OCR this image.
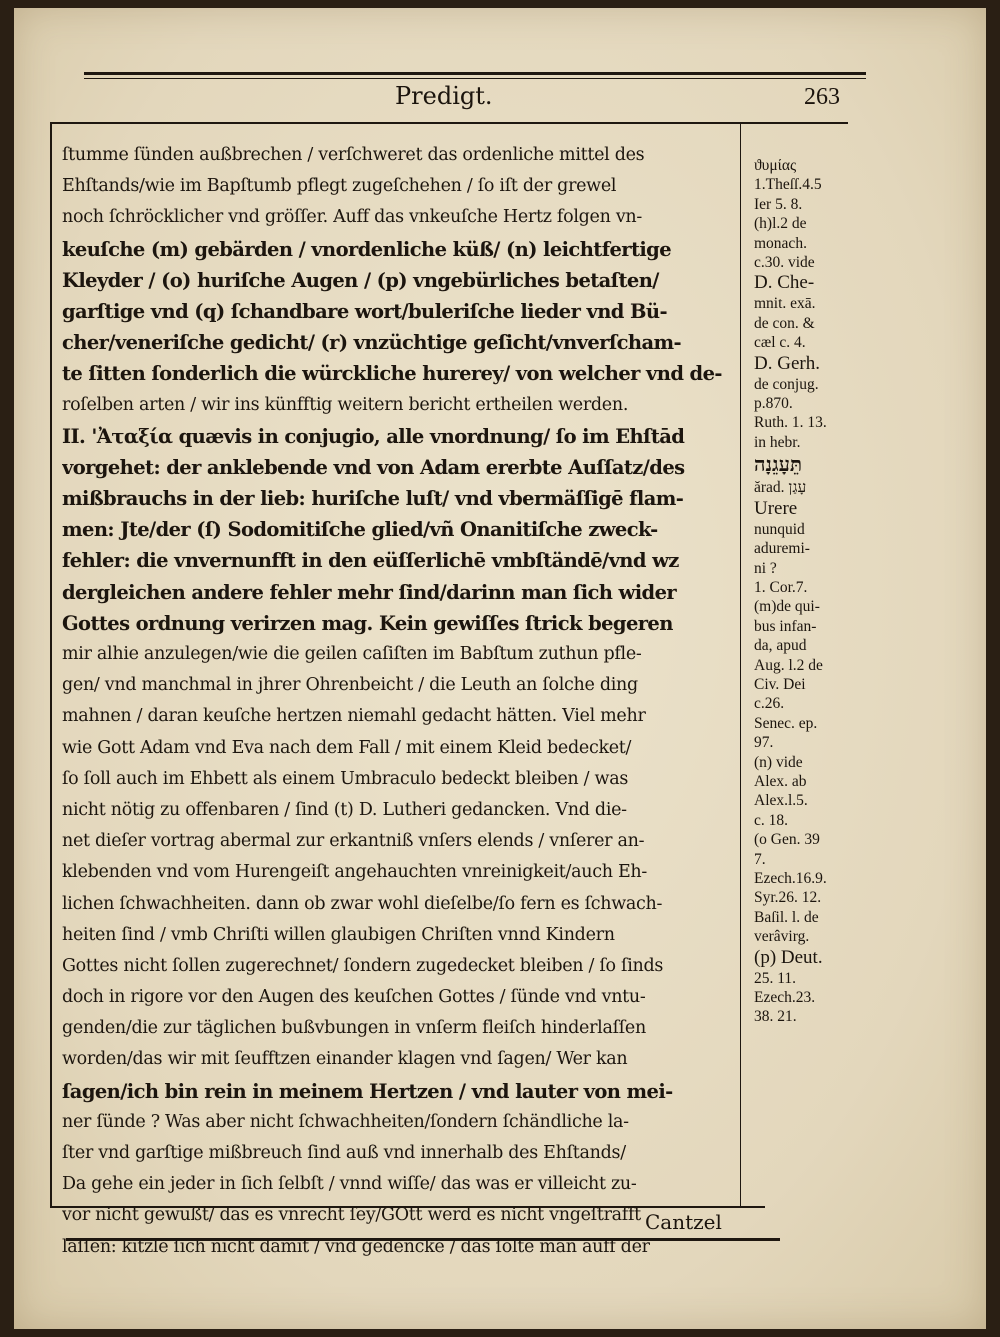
Predigt.	263
ſtumme ſünden außbrechen / verſchweret das ordenliche mittel des
Ehſtands/wie im Bapſtumb pflegt zugeſchehen / ſo iſt der grewel
noch ſchröcklicher vnd gröſſer. Auff das vnkeuſche Hertz folgen vn-
keuſche (m) gebärden / vnordenliche küß/ (n) leichtfertige
Kleyder / (o) huriſche Augen / (p) vngebürliches betaſten/
garſtige vnd (q) ſchandbare wort/buleriſche lieder vnd Bü-
cher/veneriſche gedicht/ (r) vnzüchtige geſicht/vnverſcham-
te ſitten ſonderlich die würckliche hurerey/ von welcher vnd de-
roſelben arten / wir ins künfftig weitern bericht ertheilen werden.
II. 'Ἀταξία quævis in conjugio, alle vnordnung/ ſo im Ehſtād
vorgehet: der anklebende vnd von Adam ererbte Auſſatz/des
mißbrauchs in der lieb: huriſche luſt/ vnd vbermäſſigē flam-
men: Jte/der (ſ) Sodomitiſche glied/vñ Onanitiſche zweck-
fehler: die vnvernunfft in den eüſſerlichē vmbſtändē/vnd wz
dergleichen andere fehler mehr ſind/darinn man ſich wider
Gottes ordnung verirzen mag. Kein gewiſſes ſtrick begeren
mir alhie anzulegen/wie die geilen caſiſten im Babſtum zuthun pfle-
gen/ vnd manchmal in jhrer Ohrenbeicht / die Leuth an ſolche ding
mahnen / daran keuſche hertzen niemahl gedacht hätten. Viel mehr
wie Gott Adam vnd Eva nach dem Fall / mit einem Kleid bedecket/
ſo ſoll auch im Ehbett als einem Umbraculo bedeckt bleiben / was
nicht nötig zu offenbaren / ſind (t) D. Lutheri gedancken. Vnd die-
net dieſer vortrag abermal zur erkantniß vnſers elends / vnſerer an-
klebenden vnd vom Hurengeiſt angehauchten vnreinigkeit/auch Eh-
lichen ſchwachheiten. dann ob zwar wohl dieſelbe/ſo fern es ſchwach-
heiten ſind / vmb Chriſti willen glaubigen Chriſten vnnd Kindern
Gottes nicht ſollen zugerechnet/ ſondern zugedecket bleiben / ſo ſinds
doch in rigore vor den Augen des keuſchen Gottes / ſünde vnd vntu-
genden/die zur täglichen bußvbungen in vnſerm fleiſch hinderlaſſen
worden/das wir mit ſeufftzen einander klagen vnd ſagen/ Wer kan
ſagen/ich bin rein in meinem Hertzen / vnd lauter von mei-
ner ſünde ? Was aber nicht ſchwachheiten/ſondern ſchändliche la-
ſter vnd garſtige mißbreuch ſind auß vnd innerhalb des Ehſtands/
Da gehe ein jeder in ſich ſelbſt / vnnd wiſſe/ das was er villeicht zu-
vor nicht gewußt/ das es vnrecht ſey/GOtt werd es nicht vngeſtrafft
laſſen: kitzle ſich nicht damit / vnd gedencke / das ſolte man auff der
ϑυμίας
1.Theſſ.4.5
Ier 5. 8.
(h)l.2 de
monach.
c.30. vide
D. Che-
mnit. exā.
de con. &
cæl c. 4.
D. Gerh.
de conjug.
p.870.
Ruth. 1. 13.
in hebr.
תֵּעָגֵנָה
ărad. עָגַן
Urere
nunquid
aduremi-
ni ?
1. Cor.7.
(m)de qui-
bus infan-
da, apud
Aug. l.2 de
Civ. Dei
c.26.
Senec. ep.
97.
(n) vide
Alex. ab
Alex.l.5.
c. 18.
(o Gen. 39
7.
Ezech.16.9.
Syr.26. 12.
Baſil. l. de
verâvirg.
(p) Deut.
25. 11.
Ezech.23.
38. 21.
Cantzel
